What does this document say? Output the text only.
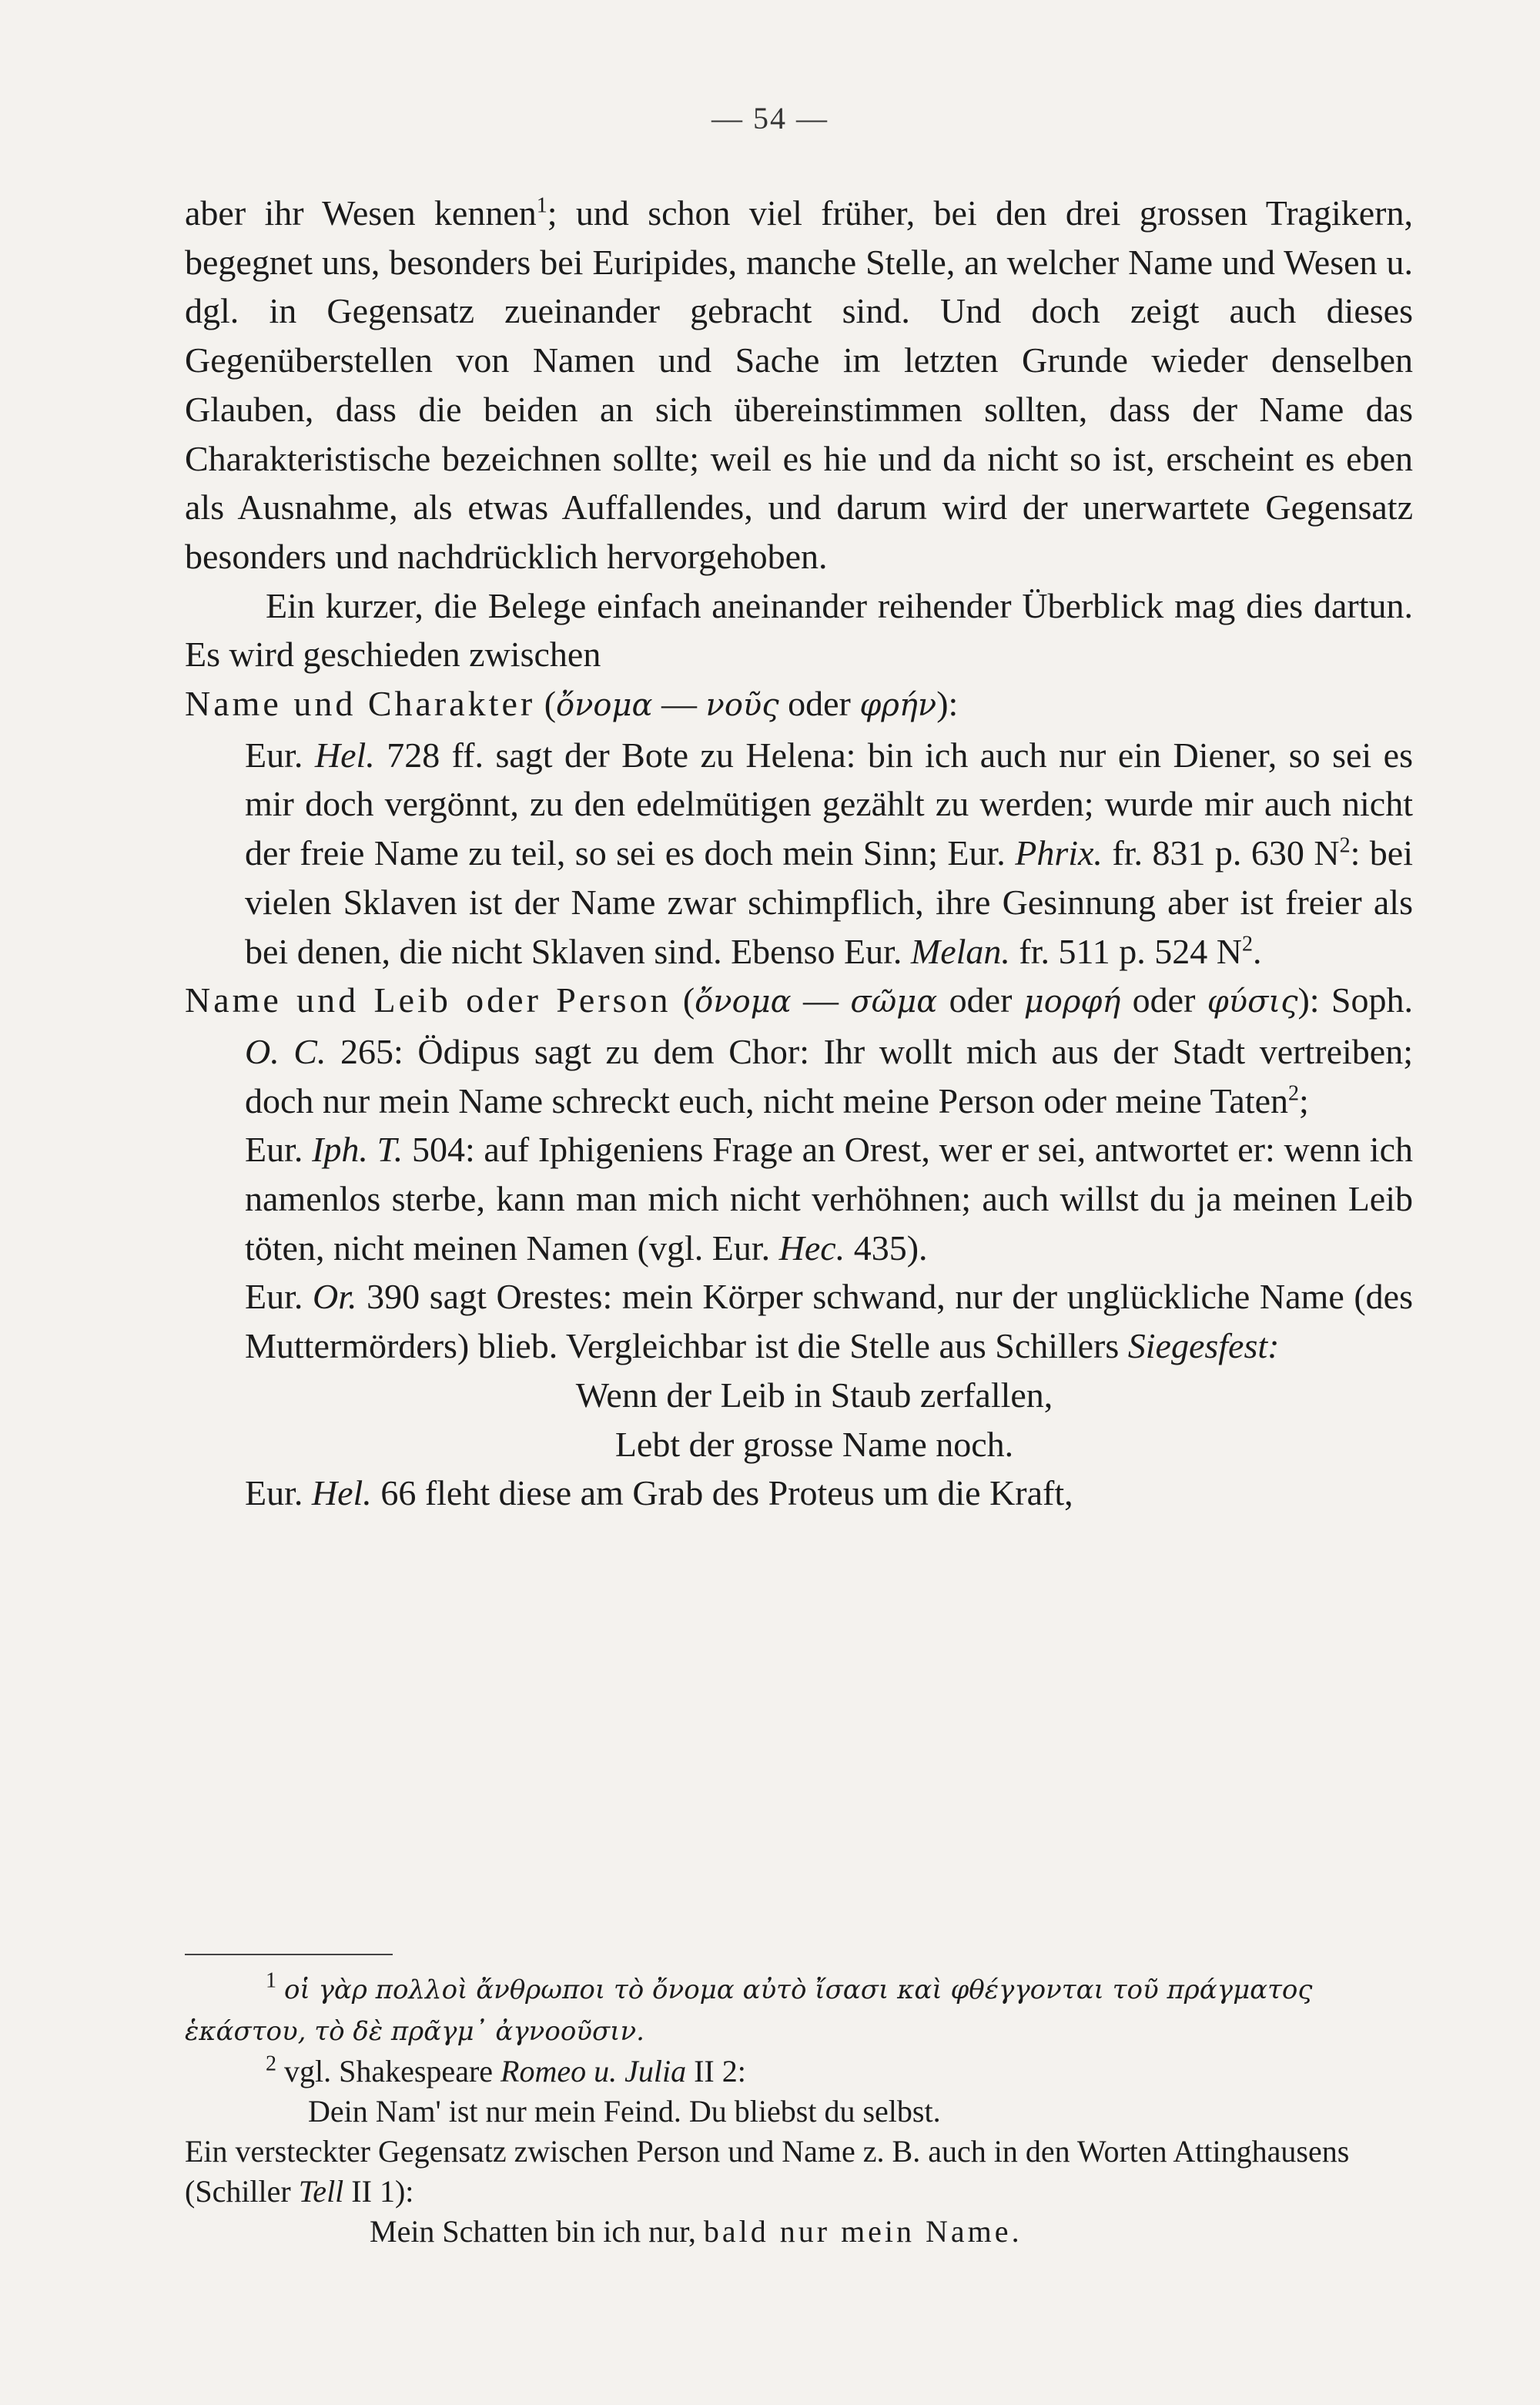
— 54 —

aber ihr Wesen kennen$^1$; und schon viel früher, bei den drei grossen Tragikern, begegnet uns, besonders bei Euripides, manche Stelle, an welcher Name und Wesen u. dgl. in Gegensatz zueinander gebracht sind. Und doch zeigt auch dieses Gegenüberstellen von Namen und Sache im letzten Grunde wieder denselben Glauben, dass die beiden an sich übereinstimmen sollten, dass der Name das Charakteristische bezeichnen sollte; weil es hie und da nicht so ist, erscheint es eben als Ausnahme, als etwas Auffallendes, und darum wird der unerwartete Gegensatz besonders und nachdrücklich hervorgehoben.

Ein kurzer, die Belege einfach aneinander reihender Überblick mag dies dartun. Es wird geschieden zwischen

Name und Charakter (ὄνομα — νοῦς oder φρήν):

Eur. Hel. 728 ff. sagt der Bote zu Helena: bin ich auch nur ein Diener, so sei es mir doch vergönnt, zu den edelmütigen gezählt zu werden; wurde mir auch nicht der freie Name zu teil, so sei es doch mein Sinn; Eur. Phrix. fr. 831 p. 630 $N^2$: bei vielen Sklaven ist der Name zwar schimpflich, ihre Gesinnung aber ist freier als bei denen, die nicht Sklaven sind. Ebenso Eur. Melan. fr. 511 p. 524 $N^2$.

Name und Leib oder Person (ὄνομα — σῶμα oder μορφή oder φύσις): Soph. O. C. 265: Ödipus sagt zu dem Chor: Ihr wollt mich aus der Stadt vertreiben; doch nur mein Name schreckt euch, nicht meine Person oder meine Taten$^2$;

Eur. Iph. T. 504: auf Iphigeniens Frage an Orest, wer er sei, antwortet er: wenn ich namenlos sterbe, kann man mich nicht verhöhnen; auch willst du ja meinen Leib töten, nicht meinen Namen (vgl. Eur. Hec. 435).

Eur. Or. 390 sagt Orestes: mein Körper schwand, nur der unglückliche Name (des Muttermörders) blieb. Vergleichbar ist die Stelle aus Schillers Siegesfest:

Wenn der Leib in Staub zerfallen,

Lebt der grosse Name noch.

Eur. Hel. 66 fleht diese am Grab des Proteus um die Kraft,

$^1$ οἱ γὰρ πολλοὶ ἄνθρωποι τὸ ὄνομα αὐτὸ ἴσασι καὶ φθέγγονται τοῦ πράγματος

ἑκάστου, τὸ δὲ πρᾶγμ᾽ ἀγνοοῦσιν.

$^2$ vgl. Shakespeare Romeo u. Julia II 2:

Dein Nam' ist nur mein Feind. Du bliebst du selbst.

Ein versteckter Gegensatz zwischen Person und Name z. B. auch in den Worten Attinghausens (Schiller Tell II 1):

Mein Schatten bin ich nur, bald nur mein Name.
